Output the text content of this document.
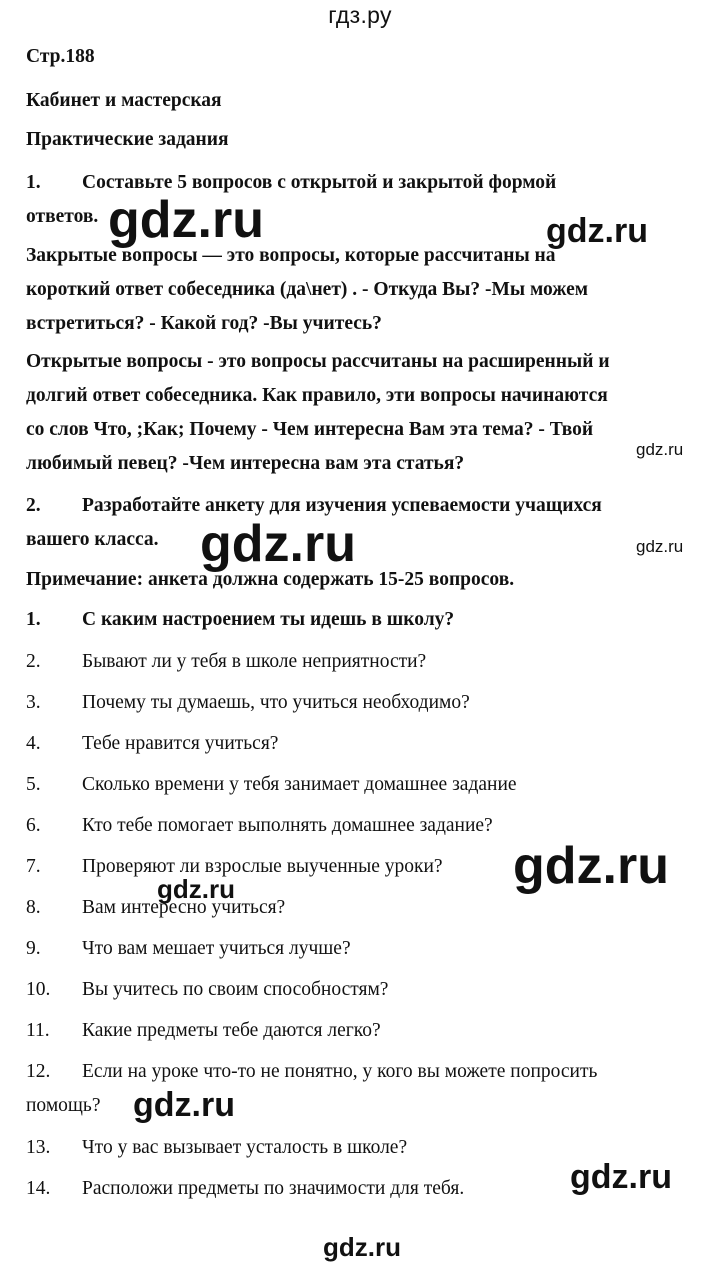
гдз.ру
Стр.188
Кабинет и мастерская
Практические задания
1. Составьте 5 вопросов с открытой и закрытой формой
ответов.
Закрытые вопросы — это вопросы, которые рассчитаны на
короткий ответ собеседника (да\нет) . - Откуда Вы? -Мы можем
встретиться? - Какой год? -Вы учитесь?
Открытые вопросы - это вопросы рассчитаны на расширенный и
долгий ответ собеседника. Как правило, эти вопросы начинаются
со слов Что, ;Как; Почему - Чем интересна Вам эта тема? - Твой
любимый певец? -Чем интересна вам эта статья?
2. Разработайте анкету для изучения успеваемости учащихся
вашего класса.
Примечание: анкета должна содержать 15-25 вопросов.
1. С каким настроением ты идешь в школу?
2. Бывают ли у тебя в школе неприятности?
3. Почему ты думаешь, что учиться необходимо?
4. Тебе нравится учиться?
5. Сколько времени у тебя занимает домашнее задание
6. Кто тебе помогает выполнять домашнее задание?
7. Проверяют ли взрослые выученные уроки?
8. Вам интересно учиться?
9. Что вам мешает учиться лучше?
10. Вы учитесь по своим способностям?
11. Какие предметы тебе даются легко?
12. Если на уроке что-то не понятно, у кого вы можете попросить
помощь?
13. Что у вас вызывает усталость в школе?
14. Расположи предметы по значимости для тебя.
gdz.ru	gdz.ru
gdz.ru
gdz.ru	gdz.ru
gdz.ru
gdz.ru
gdz.ru
gdz.ru
gdz.ru
